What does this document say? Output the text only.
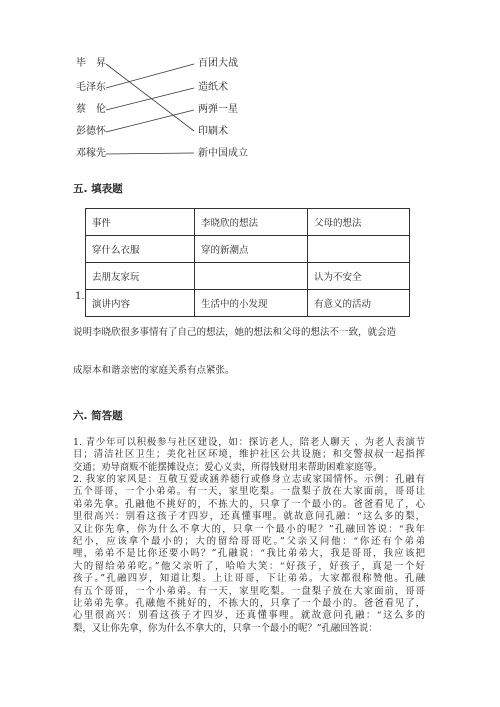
毕　昇
毛泽东
蔡　伦
彭德怀
邓稼先
百团大战
造纸术
两弹一星
印刷术
新中国成立
五. 填表题
事件	李晓欣的想法	父母的想法
穿什么衣服	穿的新潮点	
去朋友家玩		认为不安全
演讲内容	生活中的小发现	有意义的活动
1.
说明李晓欣很多事情有了自己的想法，她的想法和父母的想法不一致，就会造
成原本和谐亲密的家庭关系有点紧张。
六. 简答题
1. 青少年可以积极参与社区建设，如：探访老人，陪老人聊天 、为老人表演节
目；清洁社区卫生；美化社区环境，维护社区公共设施；和交警叔叔一起指挥
交通；劝导商贩不能摆摊设点；爱心义卖，所得钱财用来帮助困难家庭等。
2. 我家的家风是：互敬互爱或涵养德行或修身立志或家国情怀。示例：孔融有
五个哥哥，一个小弟弟。有一天，家里吃梨。一盘梨子放在大家面前，哥哥让
弟弟先拿。孔融他不挑好的，不拣大的，只拿了一个最小的。爸爸看见了，心
里很高兴：别看这孩子才四岁，还真懂事哩。就故意问孔融：“这么多的梨，
又让你先拿，你为什么不拿大的，只拿一个最小的呢？”孔融回答说：“我年
纪小，应该拿个最小的；大的留给哥哥吃。”父亲又问他：“你还有个弟弟
哩，弟弟不是比你还要小吗？”孔融说：“我比弟弟大，我是哥哥，我应该把
大的留给弟弟吃。”他父亲听了，哈哈大笑：“好孩子，好孩子，真是一个好
孩子。”孔融四岁，知道让梨。上让哥哥，下让弟弟。大家都很称赞他。孔融
有五个哥哥，一个小弟弟。有一天，家里吃梨。一盘梨子放在大家面前，哥哥
让弟弟先拿。孔融他不挑好的，不拣大的，只拿了一个最小的。爸爸看见了，
心里很高兴：别看这孩子才四岁，还真懂事哩。就故意问孔融：“这么多的
梨，又让你先拿，你为什么不拿大的，只拿一个最小的呢？”孔融回答说：
